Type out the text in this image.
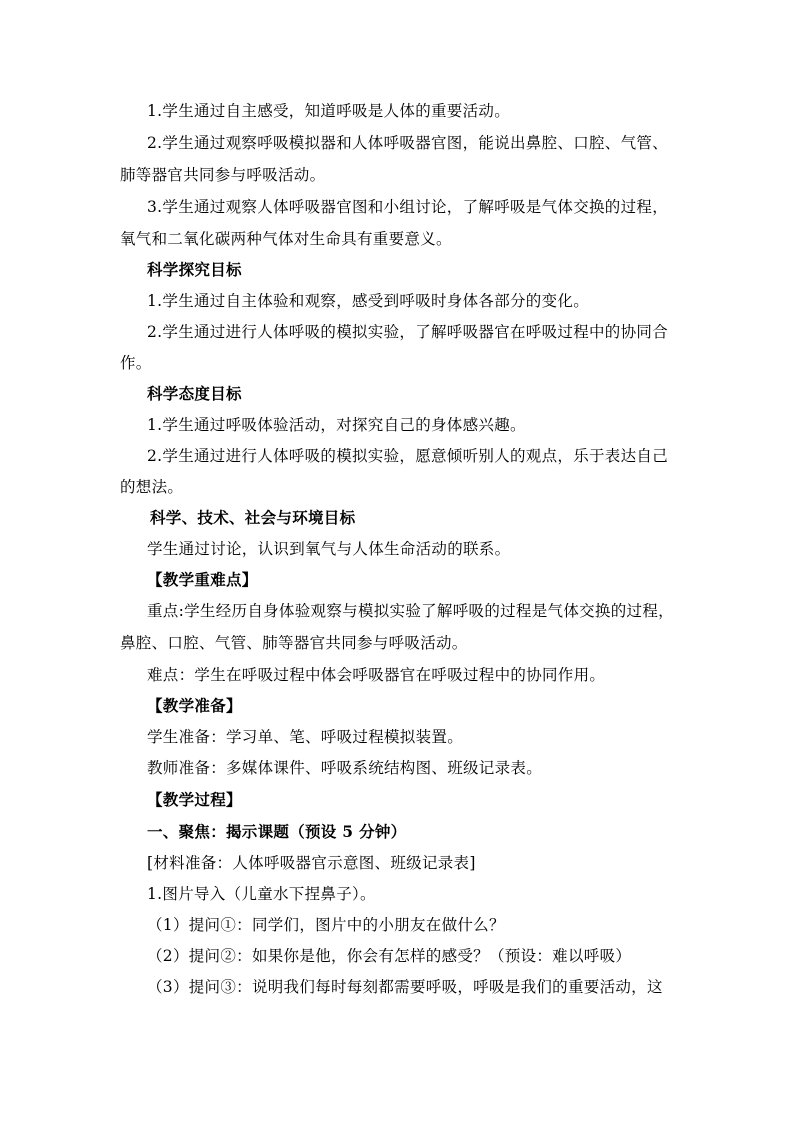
1.学生通过自主感受，知道呼吸是人体的重要活动。
2.学生通过观察呼吸模拟器和人体呼吸器官图，能说出鼻腔、口腔、气管、
肺等器官共同参与呼吸活动。
3.学生通过观察人体呼吸器官图和小组讨论，了解呼吸是气体交换的过程，
氧气和二氧化碳两种气体对生命具有重要意义。
科学探究目标
1.学生通过自主体验和观察，感受到呼吸时身体各部分的变化。
2.学生通过进行人体呼吸的模拟实验，了解呼吸器官在呼吸过程中的协同合
作。
科学态度目标
1.学生通过呼吸体验活动，对探究自己的身体感兴趣。
2.学生通过进行人体呼吸的模拟实验，愿意倾听别人的观点，乐于表达自己
的想法。
科学、技术、社会与环境目标
学生通过讨论，认识到氧气与人体生命活动的联系。
【教学重难点】
重点:学生经历自身体验观察与模拟实验了解呼吸的过程是气体交换的过程，
鼻腔、口腔、气管、肺等器官共同参与呼吸活动。
难点：学生在呼吸过程中体会呼吸器官在呼吸过程中的协同作用。
【教学准备】
学生准备：学习单、笔、呼吸过程模拟装置。
教师准备：多媒体课件、呼吸系统结构图、班级记录表。
【教学过程】
一、聚焦：揭示课题（预设 5 分钟）
[材料准备：人体呼吸器官示意图、班级记录表]
1.图片导入（儿童水下捏鼻子）。
（1）提问①：同学们，图片中的小朋友在做什么？
（2）提问②：如果你是他，你会有怎样的感受？（预设：难以呼吸）
（3）提问③：说明我们每时每刻都需要呼吸，呼吸是我们的重要活动，这
